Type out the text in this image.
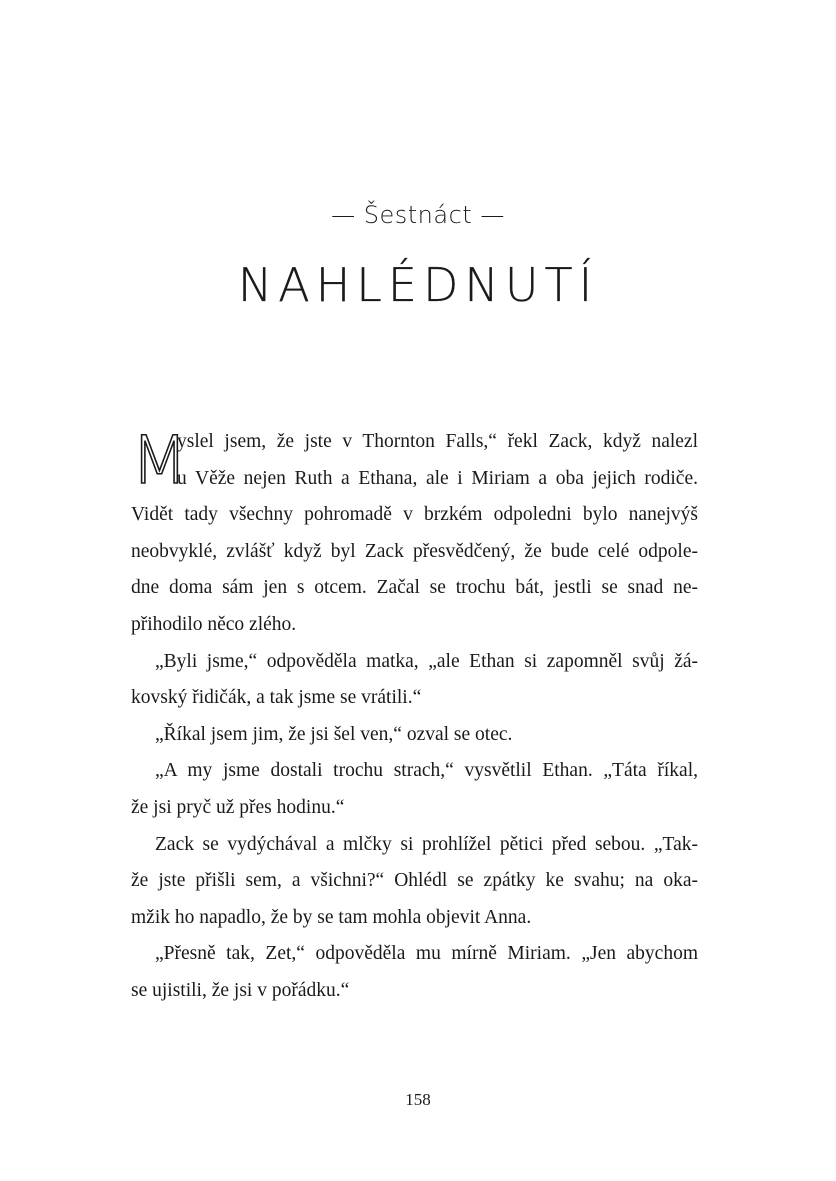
— Šestnáct —
NAHLÉDNUTÍ
M
yslel jsem, že jste v Thornton Falls,“ řekl Zack, když nalezl
u Věže nejen Ruth a Ethana, ale i Miriam a oba jejich rodiče.
Vidět tady všechny pohromadě v brzkém odpoledni bylo nanejvýš
neobvyklé, zvlášť když byl Zack přesvědčený, že bude celé odpole-
dne doma sám jen s otcem. Začal se trochu bát, jestli se snad ne-
přihodilo něco zlého.
„Byli jsme,“ odpověděla matka, „ale Ethan si zapomněl svůj žá-
kovský řidičák, a tak jsme se vrátili.“
„Říkal jsem jim, že jsi šel ven,“ ozval se otec.
„A my jsme dostali trochu strach,“ vysvětlil Ethan. „Táta říkal,
že jsi pryč už přes hodinu.“
Zack se vydýchával a mlčky si prohlížel pětici před sebou. „Tak-
že jste přišli sem, a všichni?“ Ohlédl se zpátky ke svahu; na oka-
mžik ho napadlo, že by se tam mohla objevit Anna.
„Přesně tak, Zet,“ odpověděla mu mírně Miriam. „Jen abychom
se ujistili, že jsi v pořádku.“
158
